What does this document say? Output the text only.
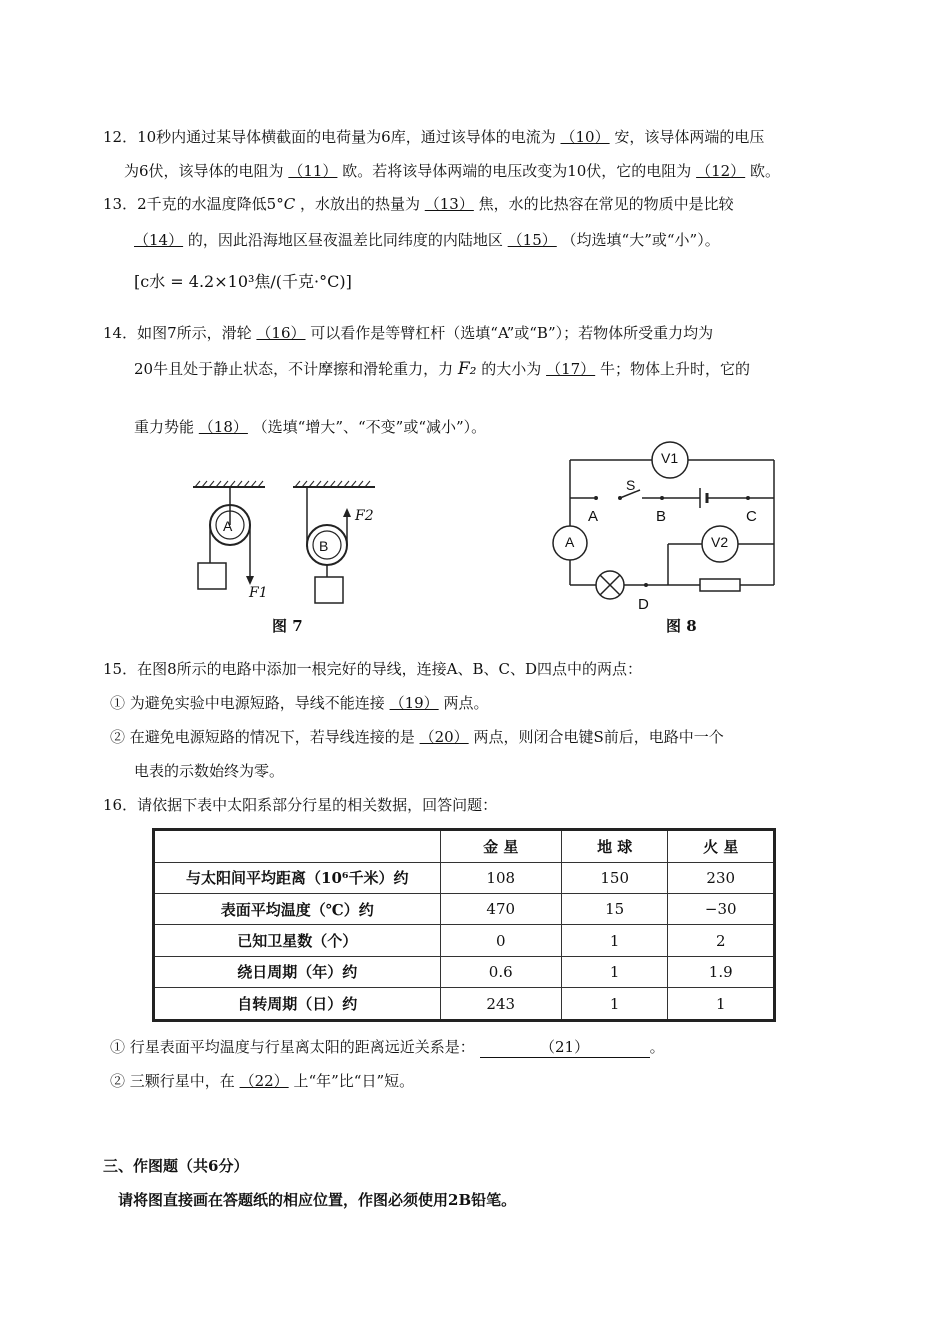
12．10秒内通过某导体横截面的电荷量为6库，通过该导体的电流为 （10） 安，该导体两端的电压
为6伏，该导体的电阻为 （11） 欧。若将该导体两端的电压改变为10伏，它的电阻为 （12） 欧。
13．2千克的水温度降低5°C ，水放出的热量为 （13） 焦，水的比热容在常见的物质中是比较
（14） 的，因此沿海地区昼夜温差比同纬度的内陆地区 （15） （均选填“大”或“小”）。
[c水 = 4.2×10³焦/(千克·°C)]
14．如图7所示，滑轮 （16） 可以看作是等臂杠杆（选填“A”或“B”）；若物体所受重力均为
20牛且处于静止状态，不计摩擦和滑轮重力，力 F₂ 的大小为 （17） 牛；物体上升时，它的
重力势能 （18） （选填“增大”、“不变”或“减小”）。
A
B
F1
F2
图 7
V1
V2
A
S
A	B	C
D
图 8
15．在图8所示的电路中添加一根完好的导线，连接A、B、C、D四点中的两点：
① 为避免实验中电源短路，导线不能连接 （19） 两点。
② 在避免电源短路的情况下，若导线连接的是 （20） 两点，则闭合电键S前后，电路中一个
电表的示数始终为零。
16．请依据下表中太阳系部分行星的相关数据，回答问题：
	金 星	地 球	火 星
与太阳间平均距离（10⁶千米）约	108	150	230
表面平均温度（℃）约	470	15	−30
已知卫星数（个）	0	1	2
绕日周期（年）约	0.6	1	1.9
自转周期（日）约	243	1	1
① 行星表面平均温度与行星离太阳的距离远近关系是：	（21）	。
② 三颗行星中，在 （22） 上“年”比“日”短。
三、作图题（共6分）
请将图直接画在答题纸的相应位置，作图必须使用2B铅笔。
